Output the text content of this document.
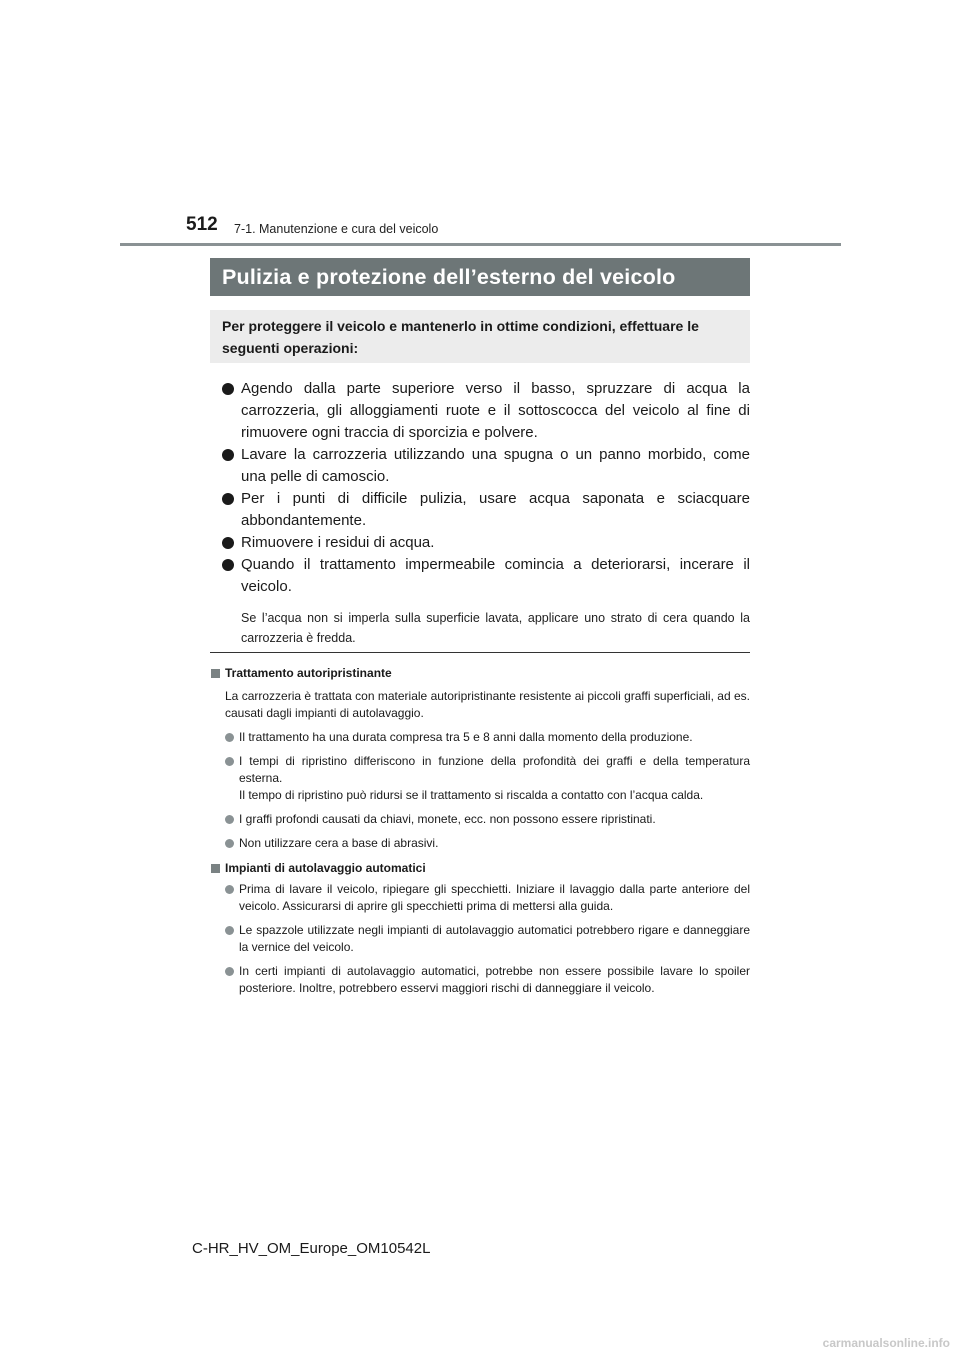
512 7-1. Manutenzione e cura del veicolo
Pulizia e protezione dell’esterno del veicolo
Per proteggere il veicolo e mantenerlo in ottime condizioni, effettuare le seguenti operazioni:
Agendo dalla parte superiore verso il basso, spruzzare di acqua la carrozzeria, gli alloggiamenti ruote e il sottoscocca del veicolo al fine di rimuovere ogni traccia di sporcizia e polvere.
Lavare la carrozzeria utilizzando una spugna o un panno morbido, come una pelle di camoscio.
Per i punti di difficile pulizia, usare acqua saponata e sciacquare abbondantemente.
Rimuovere i residui di acqua.
Quando il trattamento impermeabile comincia a deteriorarsi, incerare il veicolo.
Se l’acqua non si imperla sulla superficie lavata, applicare uno strato di cera quando la carrozzeria è fredda.
Trattamento autoripristinante
La carrozzeria è trattata con materiale autoripristinante resistente ai piccoli graffi superficiali, ad es. causati dagli impianti di autolavaggio.
Il trattamento ha una durata compresa tra 5 e 8 anni dalla momento della produzione.
I tempi di ripristino differiscono in funzione della profondità dei graffi e della temperatura esterna.
Il tempo di ripristino può ridursi se il trattamento si riscalda a contatto con l’acqua calda.
I graffi profondi causati da chiavi, monete, ecc. non possono essere ripristinati.
Non utilizzare cera a base di abrasivi.
Impianti di autolavaggio automatici
Prima di lavare il veicolo, ripiegare gli specchietti. Iniziare il lavaggio dalla parte anteriore del veicolo. Assicurarsi di aprire gli specchietti prima di mettersi alla guida.
Le spazzole utilizzate negli impianti di autolavaggio automatici potrebbero rigare e danneggiare la vernice del veicolo.
In certi impianti di autolavaggio automatici, potrebbe non essere possibile lavare lo spoiler posteriore. Inoltre, potrebbero esservi maggiori rischi di danneggiare il veicolo.
C-HR_HV_OM_Europe_OM10542L
carmanualsonline.info
